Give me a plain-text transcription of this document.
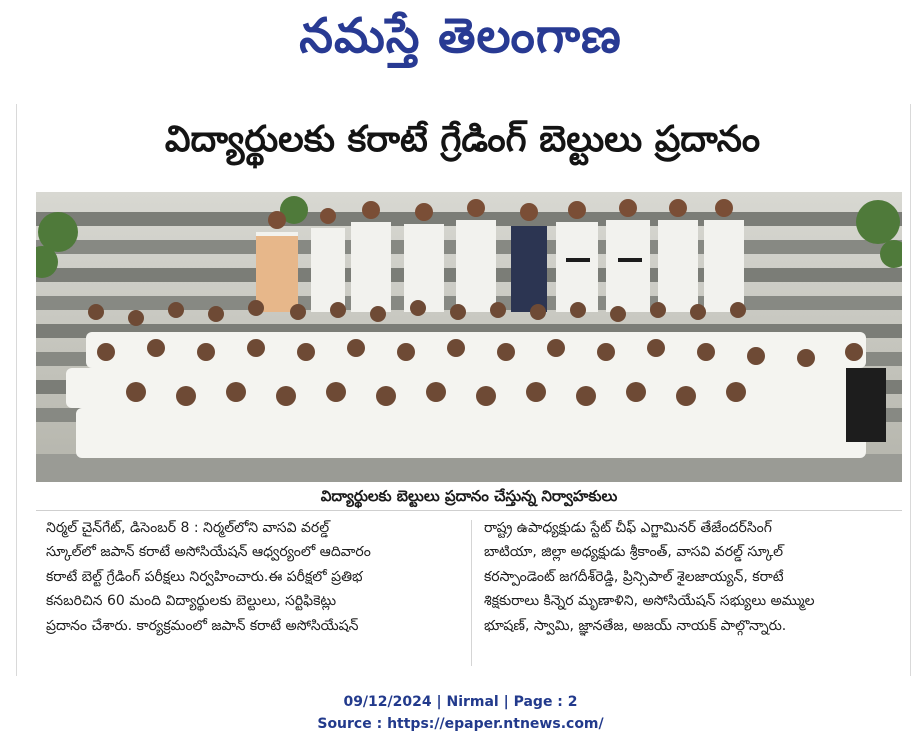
నమస్తే తెలంగాణ
విద్యార్థులకు కరాటే గ్రేడింగ్ బెల్టులు ప్రదానం
విద్యార్థులకు బెల్టులు ప్రదానం చేస్తున్న నిర్వాహకులు
నిర్మల్ చైన్‌గేట్, డిసెంబర్ 8 : నిర్మల్‌లోని వాసవి వరల్డ్
స్కూల్‌లో జపాన్ కరాటే అసోసియేషన్ ఆధ్వర్యంలో ఆదివారం
కరాటే బెల్ట్ గ్రేడింగ్ పరీక్షలు నిర్వహించారు.ఈ పరీక్షలో ప్రతిభ
కనబరిచిన 60 మంది విద్యార్థులకు బెల్టులు, సర్టిఫికెట్లు
ప్రదానం చేశారు. కార్యక్రమంలో జపాన్ కరాటే అసోసియేషన్
రాష్ట్ర ఉపాధ్యక్షుడు స్టేట్ చీఫ్ ఎగ్జామినర్ తేజేందర్‌సింగ్
బాటియా, జిల్లా అధ్యక్షుడు శ్రీకాంత్, వాసవి వరల్డ్ స్కూల్
కరస్పాండెంట్ జగదీశ్‌రెడ్డి, ప్రిన్సిపాల్ శైలజాయ్యన్, కరాటే
శిక్షకురాలు కిన్నెర మృణాళిని, అసోసియేషన్ సభ్యులు అమ్ముల
భూషణ్, స్వామి, జ్ఞానతేజ, అజయ్ నాయక్ పాల్గొన్నారు.
09/12/2024 | Nirmal | Page : 2
Source : https://epaper.ntnews.com/
